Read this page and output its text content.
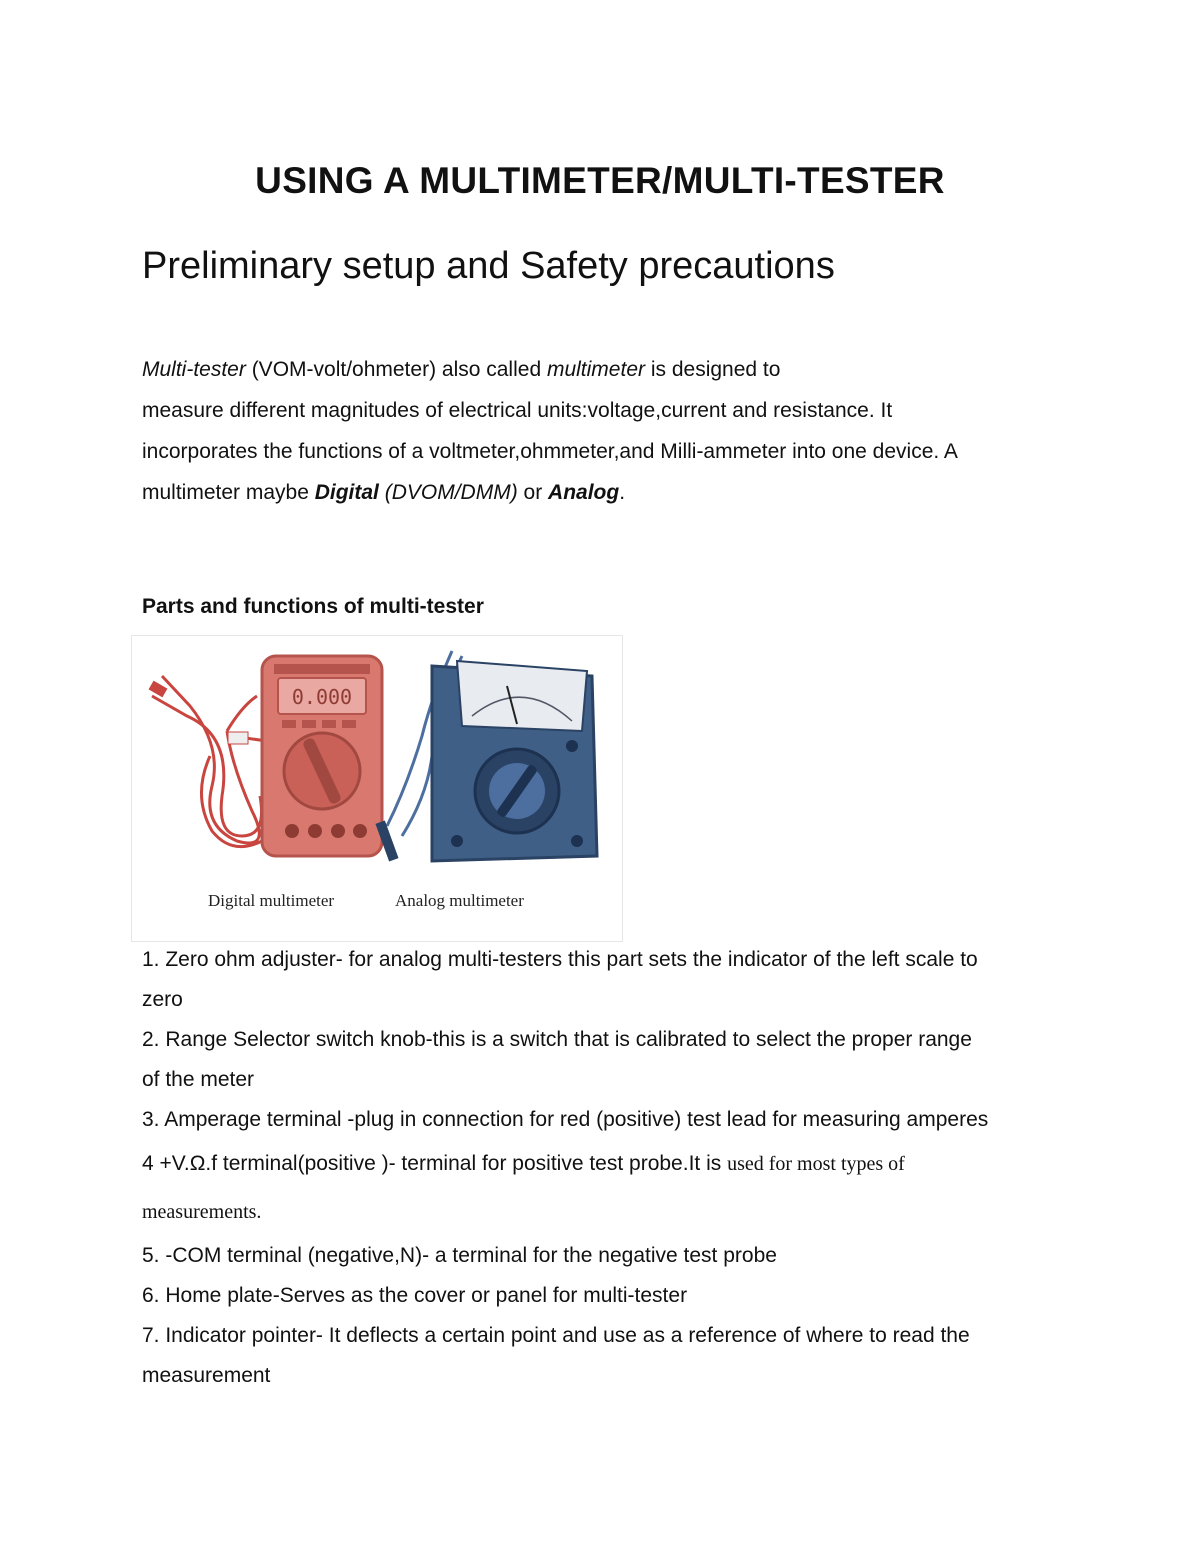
USING A MULTIMETER/MULTI-TESTER
Preliminary setup and Safety precautions
Multi-tester (VOM-volt/ohmeter) also called multimeter is designed to
measure different magnitudes of electrical units:voltage,current and resistance. It
incorporates the functions of a voltmeter,ohmmeter,and Milli-ammeter into one device. A
multimeter maybe Digital (DVOM/DMM) or Analog.
Parts and functions of multi-tester
0.000
Digital multimeter	Analog multimeter
1. Zero ohm adjuster- for analog multi-testers this part sets the indicator of the left scale to
zero
2. Range Selector switch knob-this is a switch that is calibrated to select the proper range
of the meter
3. Amperage terminal -plug in connection for red (positive) test lead for measuring amperes
4 +V.Ω.f terminal(positive )- terminal for positive test probe.It is used for most types of
measurements.
5. -COM terminal (negative,N)- a terminal for the negative test probe
6. Home plate-Serves as the cover or panel for multi-tester
7. Indicator pointer- It deflects a certain point and use as a reference of where to read the
measurement
